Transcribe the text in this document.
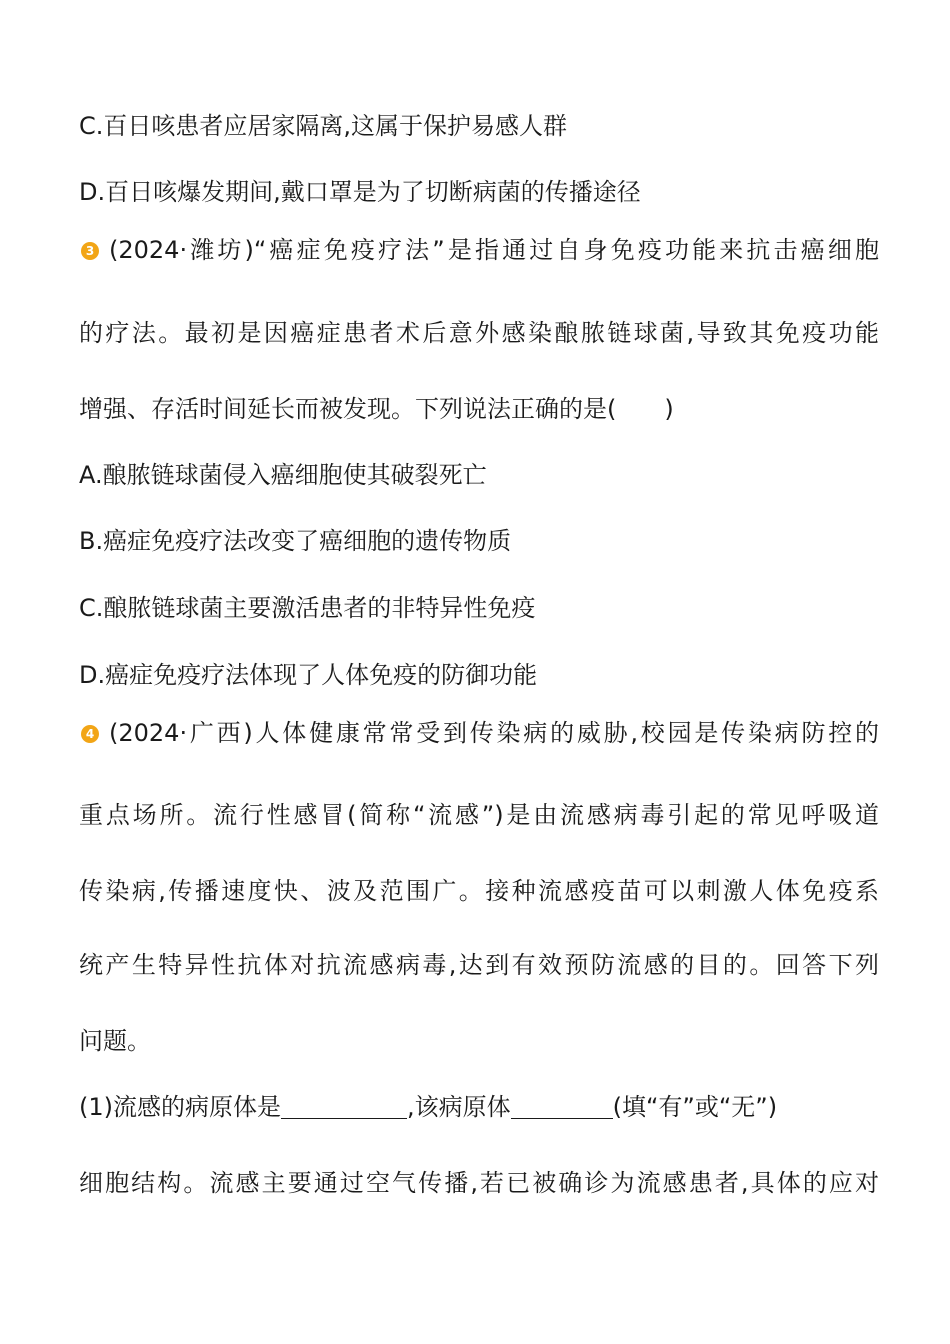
C.百日咳患者应居家隔离,这属于保护易感人群
D.百日咳爆发期间,戴口罩是为了切断病菌的传播途径
3 (2024·潍坊)“癌症免疫疗法”是指通过自身免疫功能来抗击癌细胞
的疗法。最初是因癌症患者术后意外感染酿脓链球菌,导致其免疫功能
增强、存活时间延长而被发现。下列说法正确的是(　　)
A.酿脓链球菌侵入癌细胞使其破裂死亡
B.癌症免疫疗法改变了癌细胞的遗传物质
C.酿脓链球菌主要激活患者的非特异性免疫
D.癌症免疫疗法体现了人体免疫的防御功能
4 (2024·广西)人体健康常常受到传染病的威胁,校园是传染病防控的
重点场所。流行性感冒(简称“流感”)是由流感病毒引起的常见呼吸道
传染病,传播速度快、波及范围广。接种流感疫苗可以刺激人体免疫系
统产生特异性抗体对抗流感病毒,达到有效预防流感的目的。回答下列
问题。
(1)流感的病原体是	,该病原体	(填“有”或“无”)
细胞结构。流感主要通过空气传播,若已被确诊为流感患者,具体的应对
